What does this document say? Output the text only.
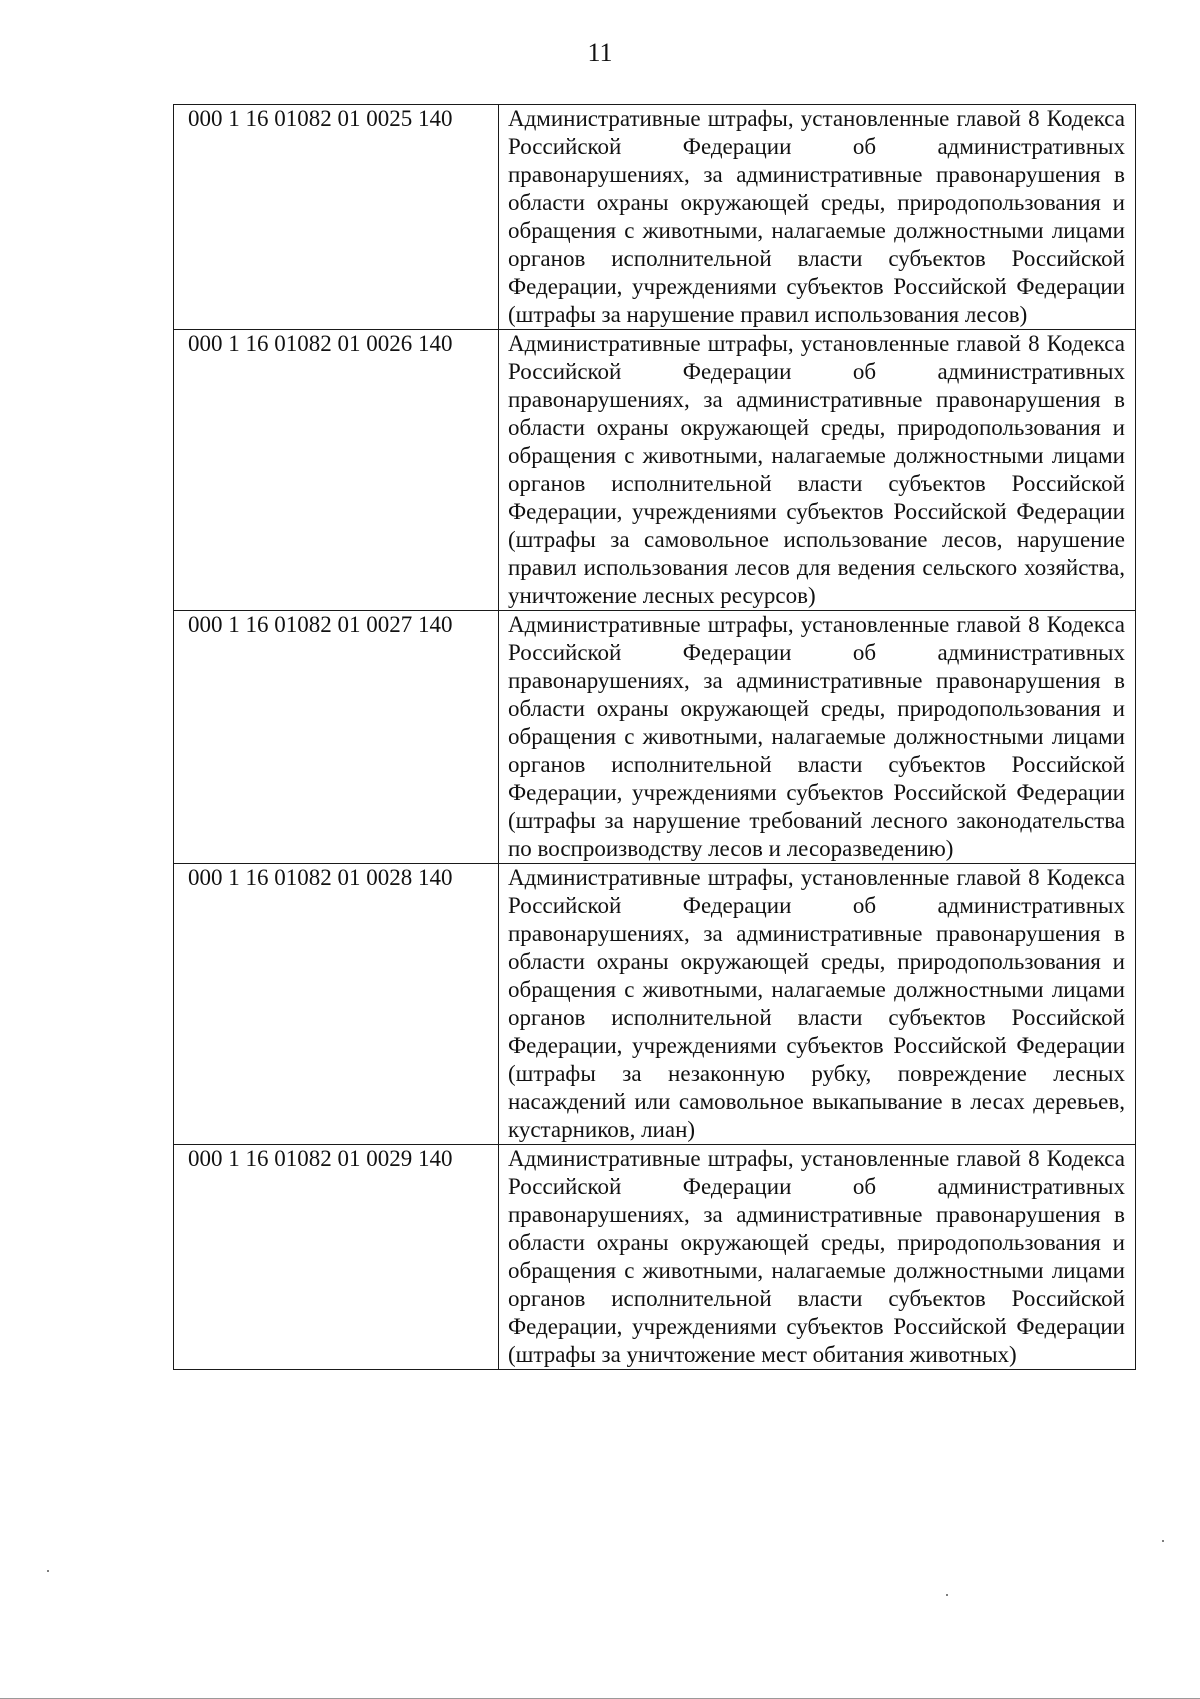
11
000 1 16 01082 01 0025 140	Административные штрафы, установленные главой 8 Кодекса Российской Федерации об административных правонарушениях, за административные правонарушения в области охраны окружающей среды, природопользования и обращения с животными, налагаемые должностными лицами органов исполнительной власти субъектов Российской Федерации, учреждениями субъектов Российской Федерации (штрафы за нарушение правил использования лесов)
000 1 16 01082 01 0026 140	Административные штрафы, установленные главой 8 Кодекса Российской Федерации об административных правонарушениях, за административные правонарушения в области охраны окружающей среды, природопользования и обращения с животными, налагаемые должностными лицами органов исполнительной власти субъектов Российской Федерации, учреждениями субъектов Российской Федерации (штрафы за самовольное использование лесов, нарушение правил использования лесов для ведения сельского хозяйства, уничтожение лесных ресурсов)
000 1 16 01082 01 0027 140	Административные штрафы, установленные главой 8 Кодекса Российской Федерации об административных правонарушениях, за административные правонарушения в области охраны окружающей среды, природопользования и обращения с животными, налагаемые должностными лицами органов исполнительной власти субъектов Российской Федерации, учреждениями субъектов Российской Федерации (штрафы за нарушение требований лесного законодательства по воспроизводству лесов и лесоразведению)
000 1 16 01082 01 0028 140	Административные штрафы, установленные главой 8 Кодекса Российской Федерации об административных правонарушениях, за административные правонарушения в области охраны окружающей среды, природопользования и обращения с животными, налагаемые должностными лицами органов исполнительной власти субъектов Российской Федерации, учреждениями субъектов Российской Федерации (штрафы за незаконную рубку, повреждение лесных насаждений или самовольное выкапывание в лесах деревьев, кустарников, лиан)
000 1 16 01082 01 0029 140	Административные штрафы, установленные главой 8 Кодекса Российской Федерации об административных правонарушениях, за административные правонарушения в области охраны окружающей среды, природопользования и обращения с животными, налагаемые должностными лицами органов исполнительной власти субъектов Российской Федерации, учреждениями субъектов Российской Федерации (штрафы за уничтожение мест обитания животных)
